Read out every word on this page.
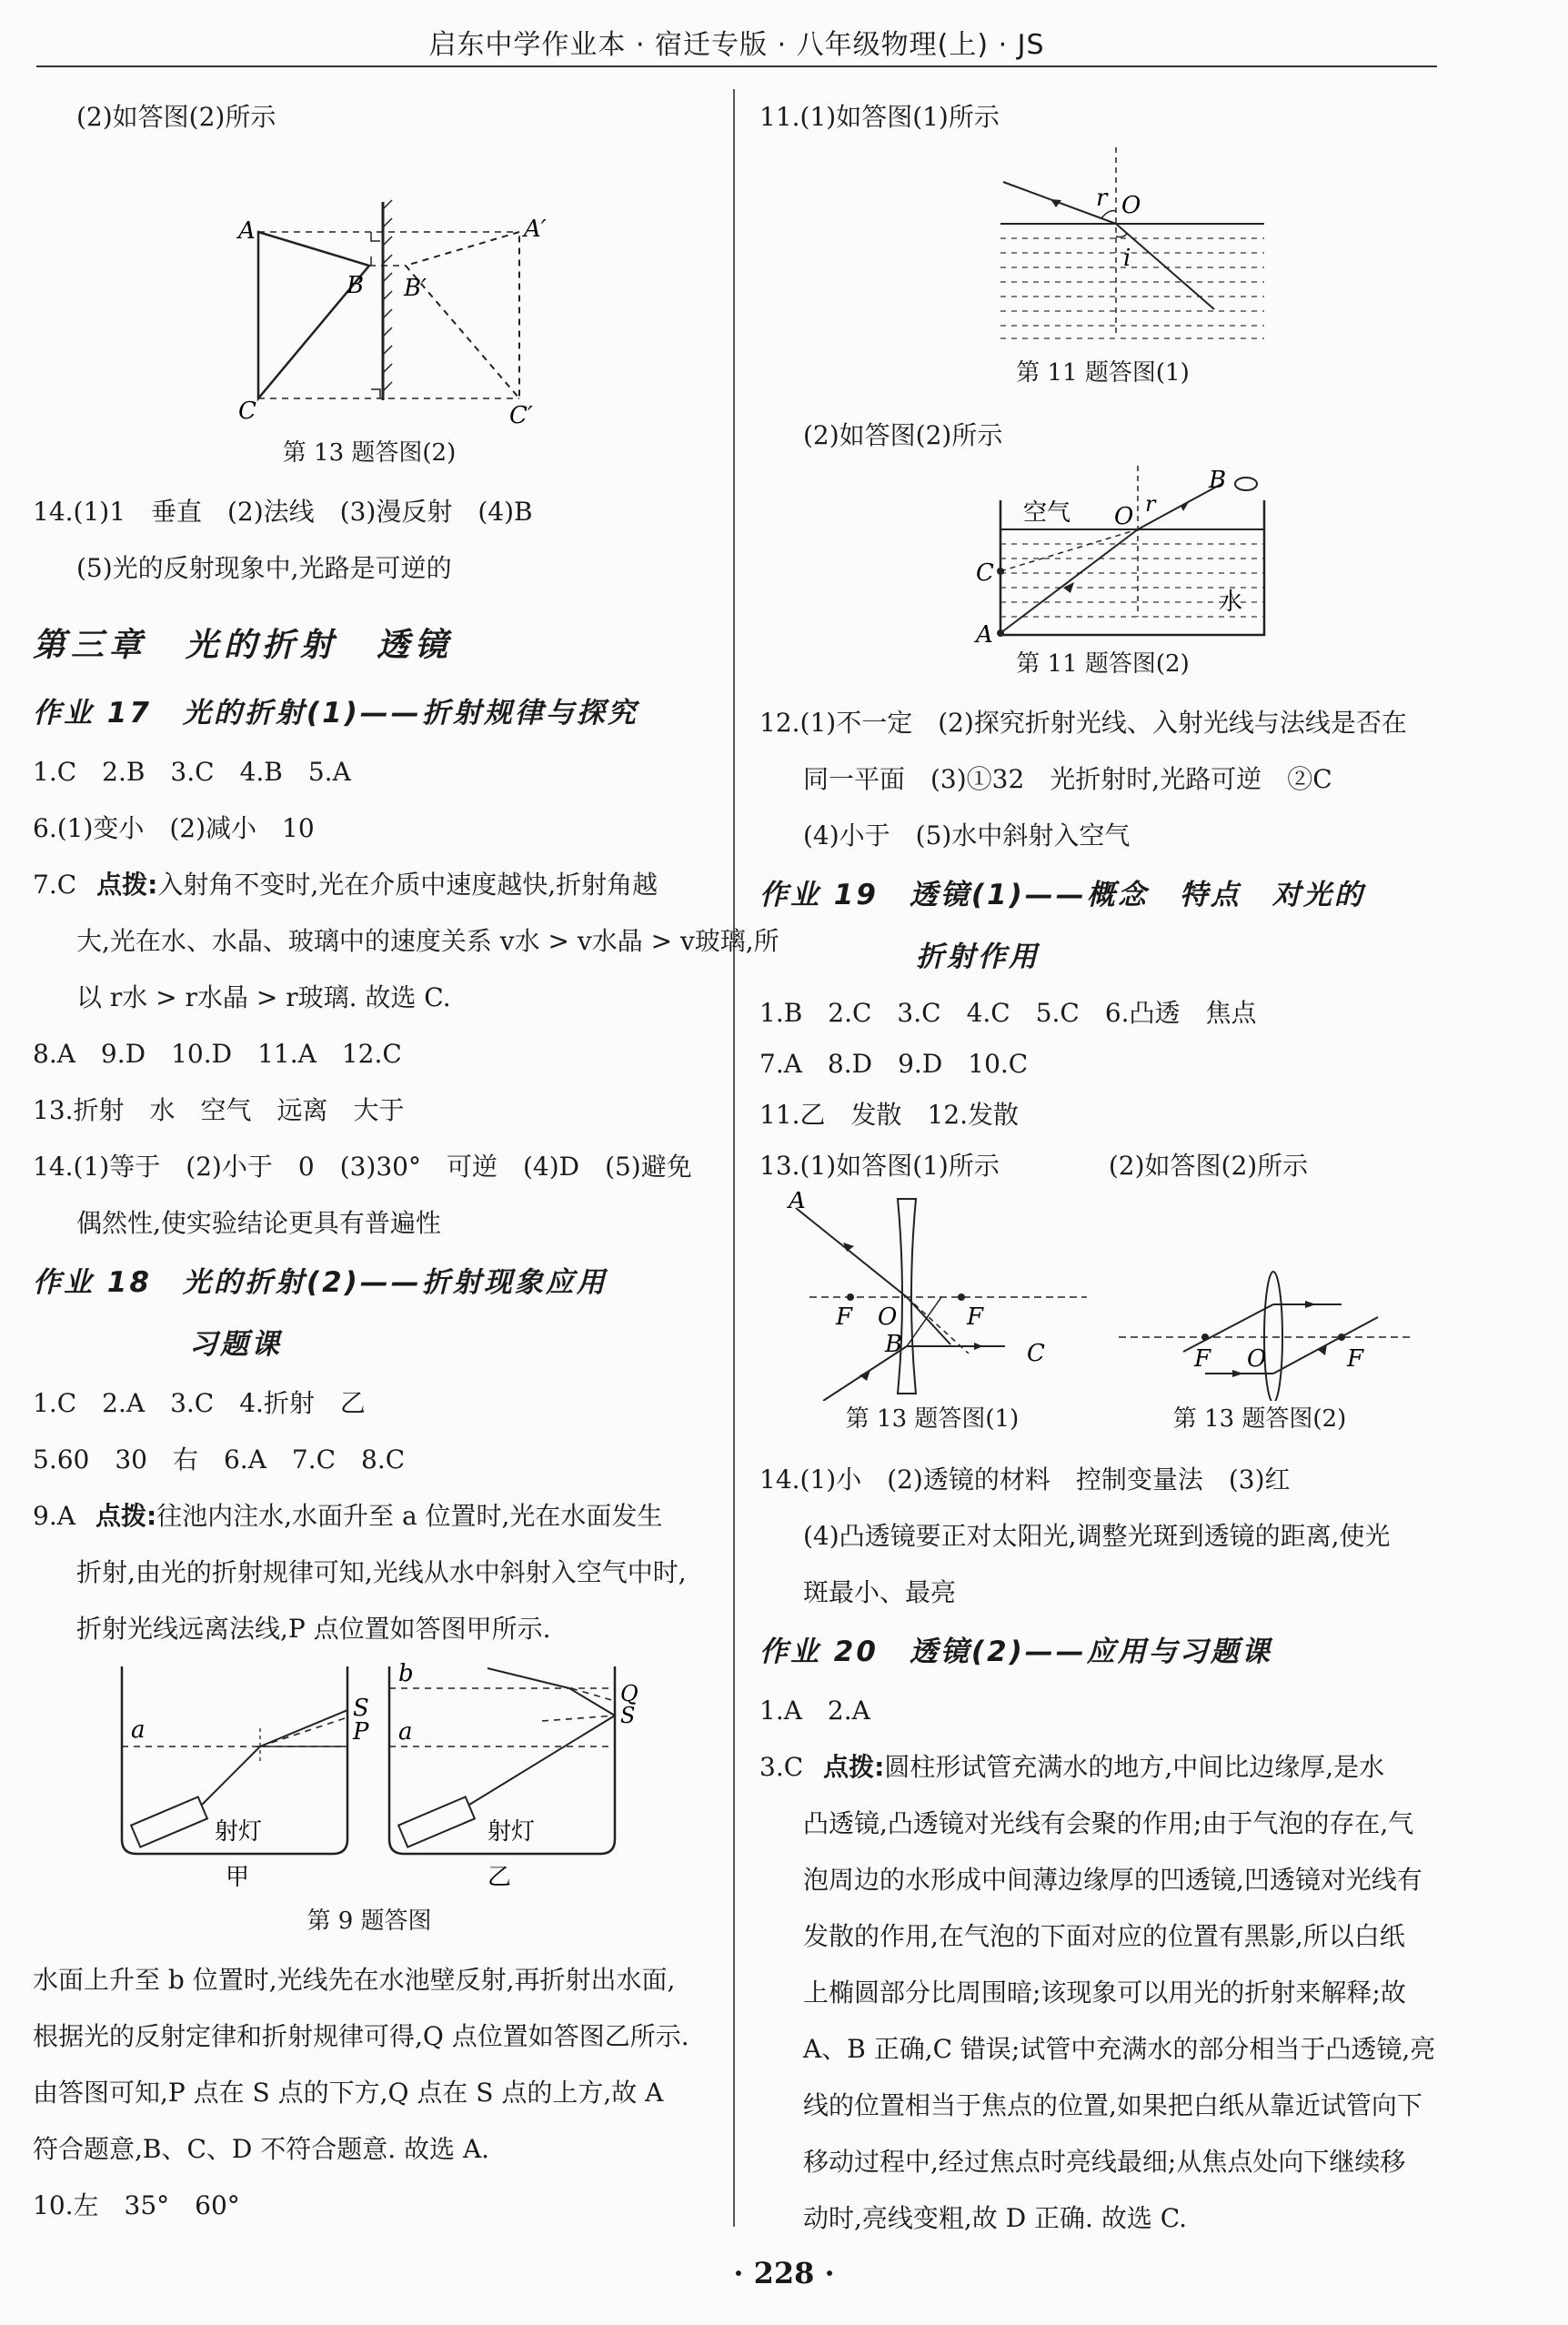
启东中学作业本 · 宿迁专版 · 八年级物理(上) · JS
(2)如答图(2)所示
A
B
C
A′
B′
C′
第 13 题答图(2)
14.(1)1　垂直　(2)法线　(3)漫反射　(4)B
(5)光的反射现象中,光路是可逆的
第三章　光的折射　透镜
作业 17　光的折射(1)——折射规律与探究
1.C　2.B　3.C　4.B　5.A
6.(1)变小　(2)减小　10
7.C 点拨:入射角不变时,光在介质中速度越快,折射角越
大,光在水、水晶、玻璃中的速度关系 v水 > v水晶 > v玻璃,所
以 r水 > r水晶 > r玻璃. 故选 C.
8.A　9.D　10.D　11.A　12.C
13.折射　水　空气　远离　大于
14.(1)等于　(2)小于　0　(3)30°　可逆　(4)D　(5)避免
偶然性,使实验结论更具有普遍性
作业 18　光的折射(2)——折射现象应用
习题课
1.C　2.A　3.C　4.折射　乙
5.60　30　右　6.A　7.C　8.C
9.A 点拨:往池内注水,水面升至 a 位置时,光在水面发生
折射,由光的折射规律可知,光线从水中斜射入空气中时,
折射光线远离法线,P 点位置如答图甲所示.
a
S
P
射灯
甲
b
a
Q
S
射灯
乙
第 9 题答图
水面上升至 b 位置时,光线先在水池壁反射,再折射出水面,
根据光的反射定律和折射规律可得,Q 点位置如答图乙所示.
由答图可知,P 点在 S 点的下方,Q 点在 S 点的上方,故 A
符合题意,B、C、D 不符合题意. 故选 A.
10.左　35°　60°
11.(1)如答图(1)所示
r O
i
第 11 题答图(1)
(2)如答图(2)所示
空气
水
O r
B
C
A
第 11 题答图(2)
12.(1)不一定　(2)探究折射光线、入射光线与法线是否在
同一平面　(3)①32　光折射时,光路可逆　②C
(4)小于　(5)水中斜射入空气
作业 19　透镜(1)——概念　特点　对光的
折射作用
1.B　2.C　3.C　4.C　5.C　6.凸透　焦点
7.A　8.D　9.D　10.C
11.乙　发散　12.发散
13.(1)如答图(1)所示	(2)如答图(2)所示
A
F O	F
B	C	F O	F
第 13 题答图(1)	第 13 题答图(2)
14.(1)小　(2)透镜的材料　控制变量法　(3)红
(4)凸透镜要正对太阳光,调整光斑到透镜的距离,使光
斑最小、最亮
作业 20　透镜(2)——应用与习题课
1.A　2.A
3.C 点拨:圆柱形试管充满水的地方,中间比边缘厚,是水
凸透镜,凸透镜对光线有会聚的作用;由于气泡的存在,气
泡周边的水形成中间薄边缘厚的凹透镜,凹透镜对光线有
发散的作用,在气泡的下面对应的位置有黑影,所以白纸
上椭圆部分比周围暗;该现象可以用光的折射来解释;故
A、B 正确,C 错误;试管中充满水的部分相当于凸透镜,亮
线的位置相当于焦点的位置,如果把白纸从靠近试管向下
移动过程中,经过焦点时亮线最细;从焦点处向下继续移
动时,亮线变粗,故 D 正确. 故选 C.
· 228 ·
